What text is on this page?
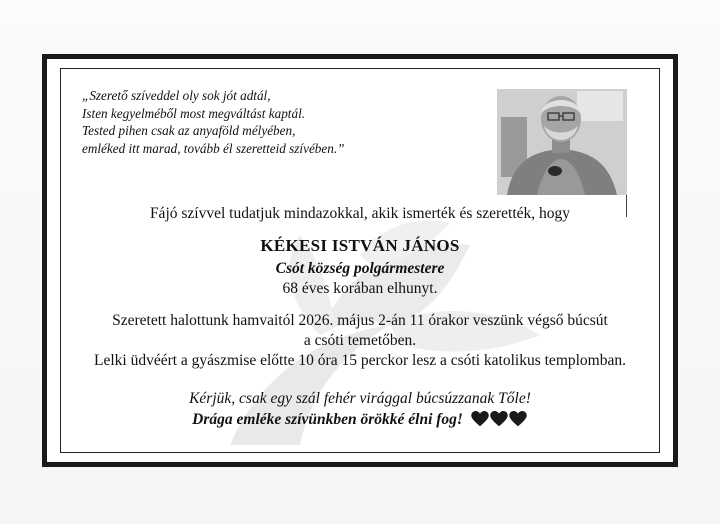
„Szerető szíveddel oly sok jót adtál,
Isten kegyelméből most megváltást kaptál.
Tested pihen csak az anyaföld mélyében,
emléked itt marad, tovább él szeretteid szívében.”
Fájó szívvel tudatjuk mindazokkal, akik ismerték és szerették, hogy
KÉKESI ISTVÁN JÁNOS
Csót község polgármestere
68 éves korában elhunyt.
Szeretett halottunk hamvaitól 2026. május 2-án 11 órakor veszünk végső búcsút
a csóti temetőben.
Lelki üdvéért a gyászmise előtte 10 óra 15 perckor lesz a csóti katolikus templomban.
Kérjük, csak egy szál fehér virággal búcsúzzanak Tőle!
Drága emléke szívünkben örökké élni fog!
